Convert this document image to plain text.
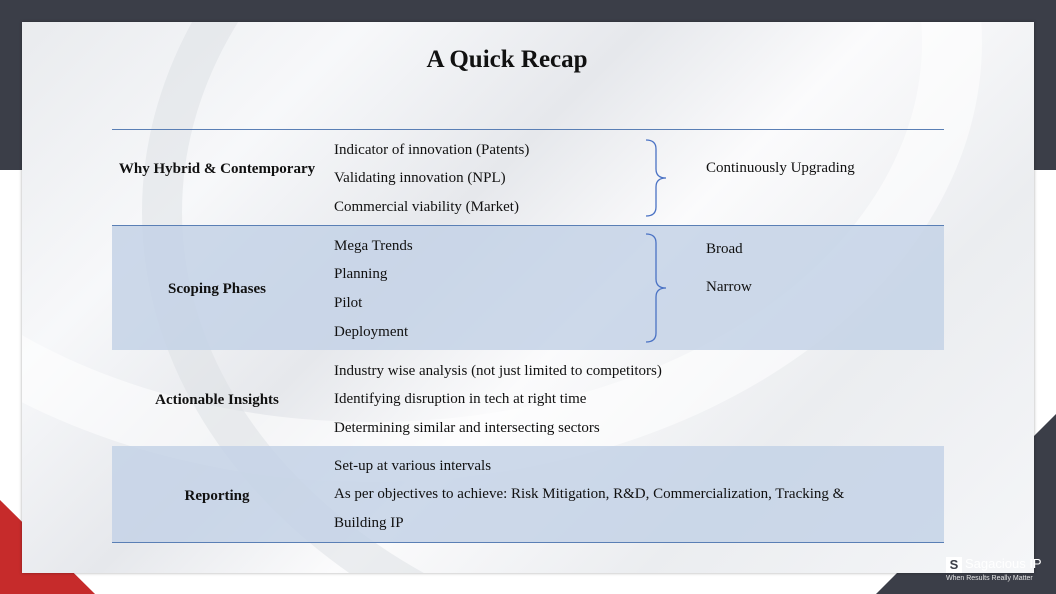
A Quick Recap
Why Hybrid & Contemporary
Indicator of innovation (Patents)
Validating innovation (NPL)
Commercial viability (Market)
Continuously Upgrading
Scoping Phases
Mega Trends
Planning
Pilot
Deployment
Broad
Narrow
Actionable Insights
Industry wise analysis (not just limited to competitors)
Identifying disruption in tech at right time
Determining similar and intersecting sectors
Reporting
Set-up at various intervals
As per objectives to achieve: Risk Mitigation, R&D, Commercialization, Tracking &
Building IP
S Sagacious IP
When Results Really Matter
